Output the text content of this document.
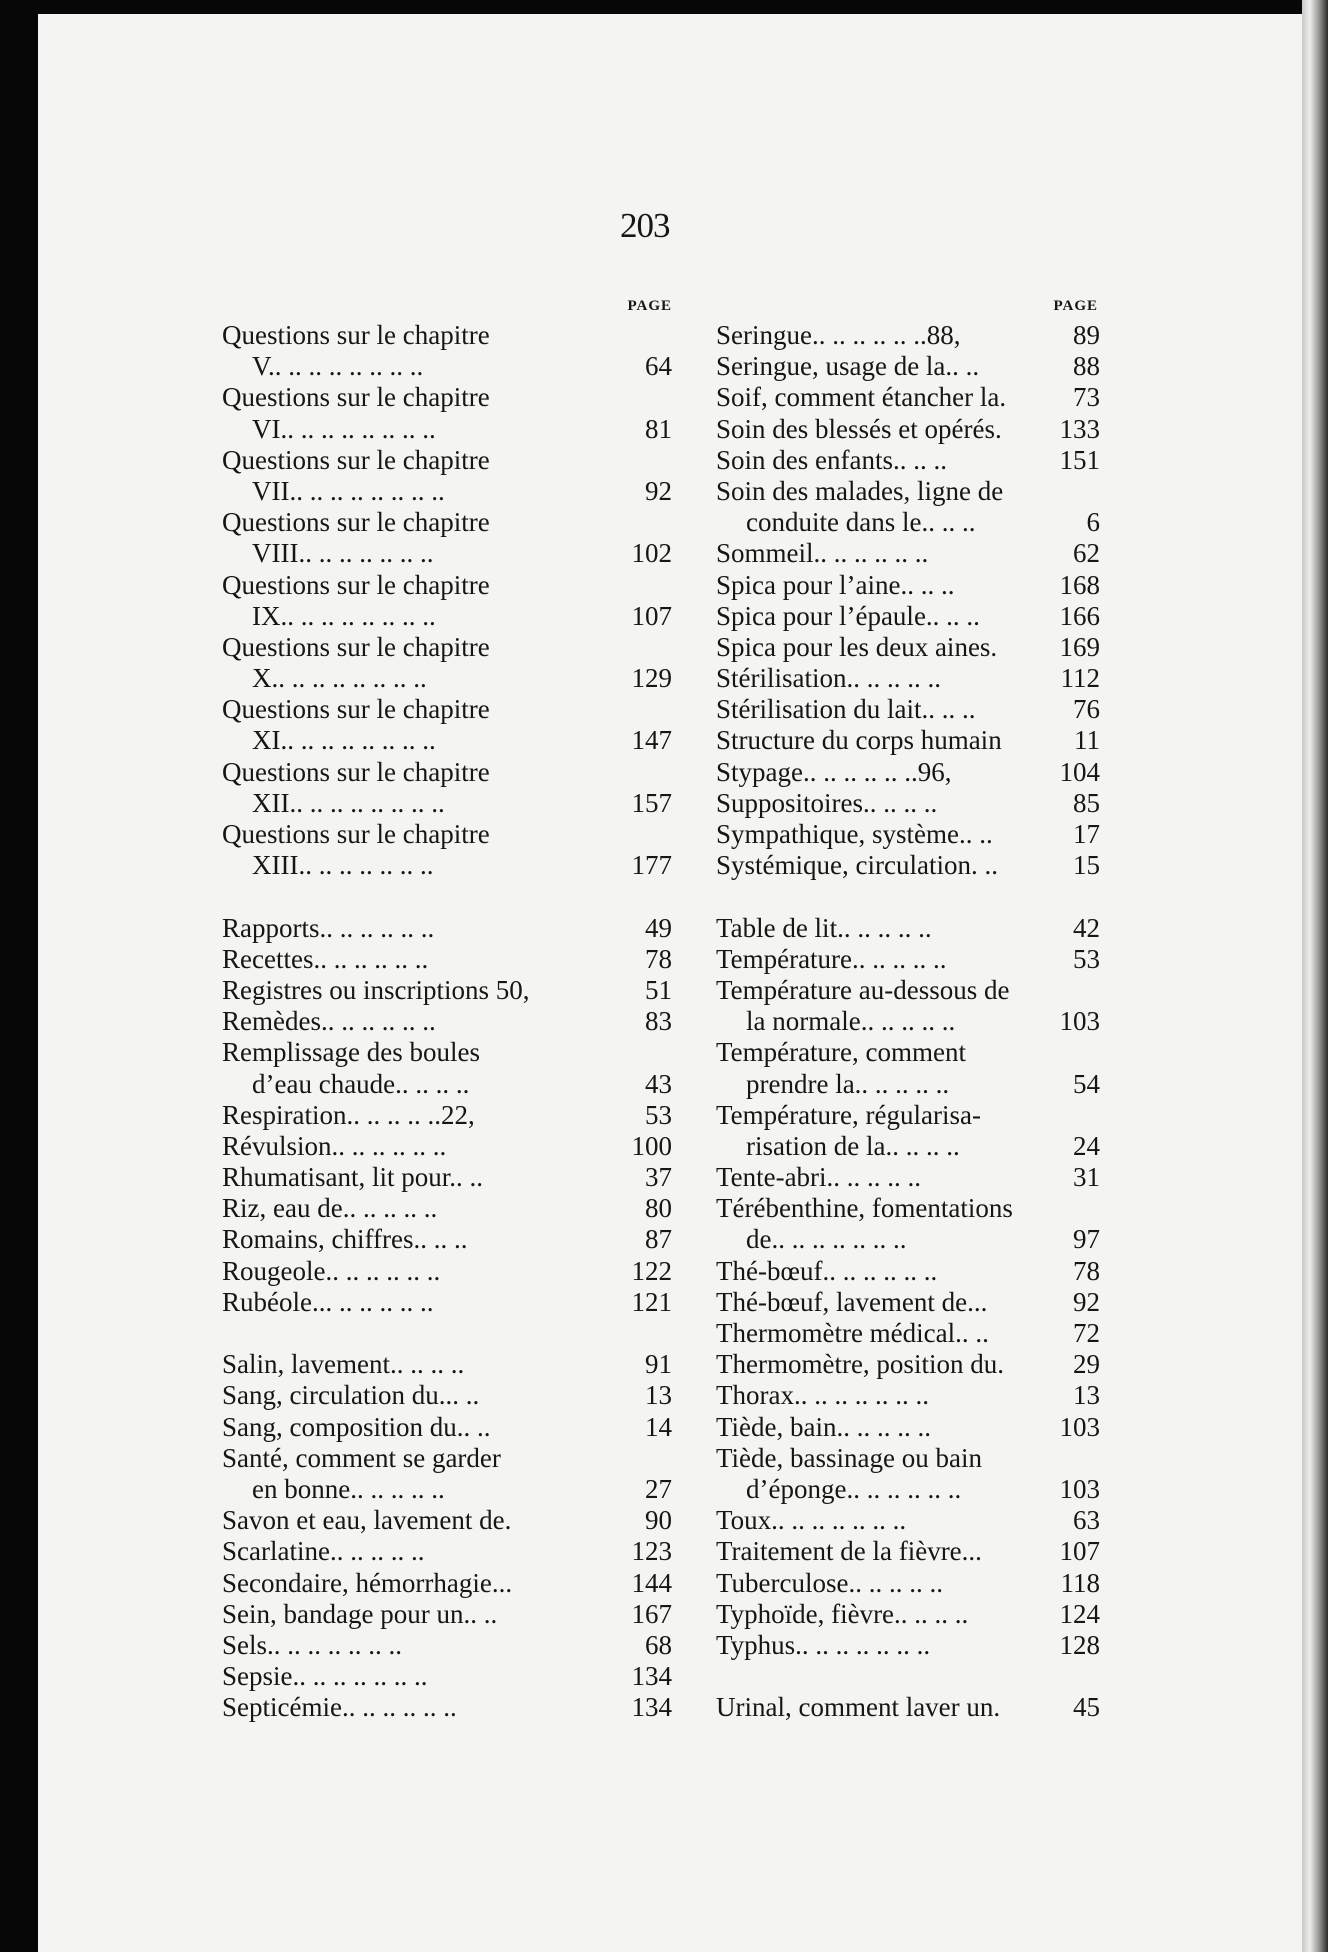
203
PAGE
Questions sur le chapitre
V.. .. .. .. .. .. .. ..	64
Questions sur le chapitre
VI.. .. .. .. .. .. .. ..	81
Questions sur le chapitre
VII.. .. .. .. .. .. .. ..	92
Questions sur le chapitre
VIII.. .. .. .. .. .. ..	102
Questions sur le chapitre
IX.. .. .. .. .. .. .. ..	107
Questions sur le chapitre
X.. .. .. .. .. .. .. ..	129
Questions sur le chapitre
XI.. .. .. .. .. .. .. ..	147
Questions sur le chapitre
XII.. .. .. .. .. .. .. ..	157
Questions sur le chapitre
XIII.. .. .. .. .. .. ..	177
Rapports.. .. .. .. .. ..	49
Recettes.. .. .. .. .. ..	78
Registres ou inscriptions 50,	51
Remèdes.. .. .. .. .. ..	83
Remplissage des boules
d’eau chaude.. .. .. ..	43
Respiration.. .. .. .. ..22,	53
Révulsion.. .. .. .. .. ..	100
Rhumatisant, lit pour.. ..	37
Riz, eau de.. .. .. .. ..	80
Romains, chiffres.. .. ..	87
Rougeole.. .. .. .. .. ..	122
Rubéole... .. .. .. .. ..	121
Salin, lavement.. .. .. ..	91
Sang, circulation du... ..	13
Sang, composition du.. ..	14
Santé, comment se garder
en bonne.. .. .. .. ..	27
Savon et eau, lavement de.	90
Scarlatine.. .. .. .. ..	123
Secondaire, hémorrhagie...	144
Sein, bandage pour un.. ..	167
Sels.. .. .. .. .. .. ..	68
Sepsie.. .. .. .. .. .. ..	134
Septicémie.. .. .. .. .. ..	134
PAGE
Seringue.. .. .. .. .. ..88,	89
Seringue, usage de la.. ..	88
Soif, comment étancher la. 73
Soin des blessés et opérés. 133
Soin des enfants.. .. ..	151
Soin des malades, ligne de
conduite dans le.. .. ..	6
Sommeil.. .. .. .. .. ..	62
Spica pour l’aine.. .. ..	168
Spica pour l’épaule.. .. ..	166
Spica pour les deux aines. 169
Stérilisation.. .. .. .. ..	112
Stérilisation du lait.. .. ..	76
Structure du corps humain	11
Stypage.. .. .. .. .. ..96,	104
Suppositoires.. .. .. ..	85
Sympathique, système.. ..	17
Systémique, circulation. ..	15
Table de lit.. .. .. .. ..	42
Température.. .. .. .. ..	53
Température au-dessous de
la normale.. .. .. .. ..	103
Température, comment
prendre la.. .. .. .. ..	54
Température, régularisa-
risation de la.. .. .. ..	24
Tente-abri.. .. .. .. ..	31
Térébenthine, fomentations
de.. .. .. .. .. .. ..	97
Thé-bœuf.. .. .. .. .. ..	78
Thé-bœuf, lavement de...	92
Thermomètre médical.. ..	72
Thermomètre, position du.	29
Thorax.. .. .. .. .. .. ..	13
Tiède, bain.. .. .. .. ..	103
Tiède, bassinage ou bain
d’éponge.. .. .. .. .. ..	103
Toux.. .. .. .. .. .. ..	63
Traitement de la fièvre...	107
Tuberculose.. .. .. .. ..	118
Typhoïde, fièvre.. .. .. ..	124
Typhus.. .. .. .. .. .. ..	128
Urinal, comment laver un.	45
